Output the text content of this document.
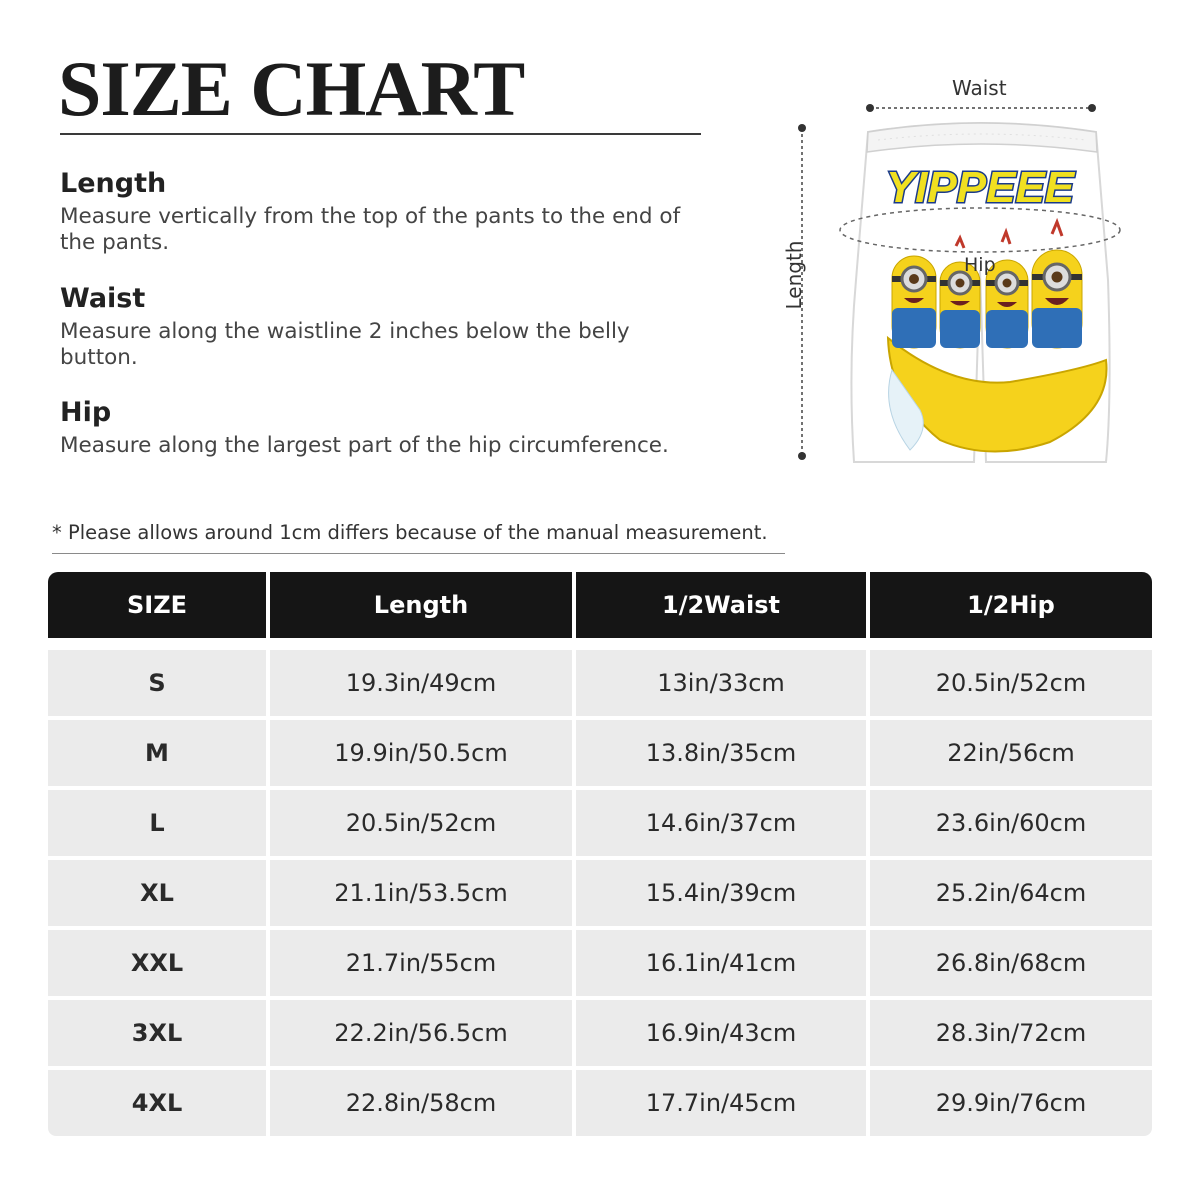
SIZE CHART
Length

Measure vertically from the top of the pants to the end of the pants.

Waist

Measure along the waistline 2 inches below the belly button.

Hip

Measure along the largest part of the hip circumference.

* Please allows around 1cm differs because of the manual measurement.
YIPPEEE
Waist
Hip
Length
SIZE	Length	1/2Waist	1/2Hip
S	19.3in/49cm	13in/33cm	20.5in/52cm
M	19.9in/50.5cm	13.8in/35cm	22in/56cm
L	20.5in/52cm	14.6in/37cm	23.6in/60cm
XL	21.1in/53.5cm	15.4in/39cm	25.2in/64cm
XXL	21.7in/55cm	16.1in/41cm	26.8in/68cm
3XL	22.2in/56.5cm	16.9in/43cm	28.3in/72cm
4XL	22.8in/58cm	17.7in/45cm	29.9in/76cm
